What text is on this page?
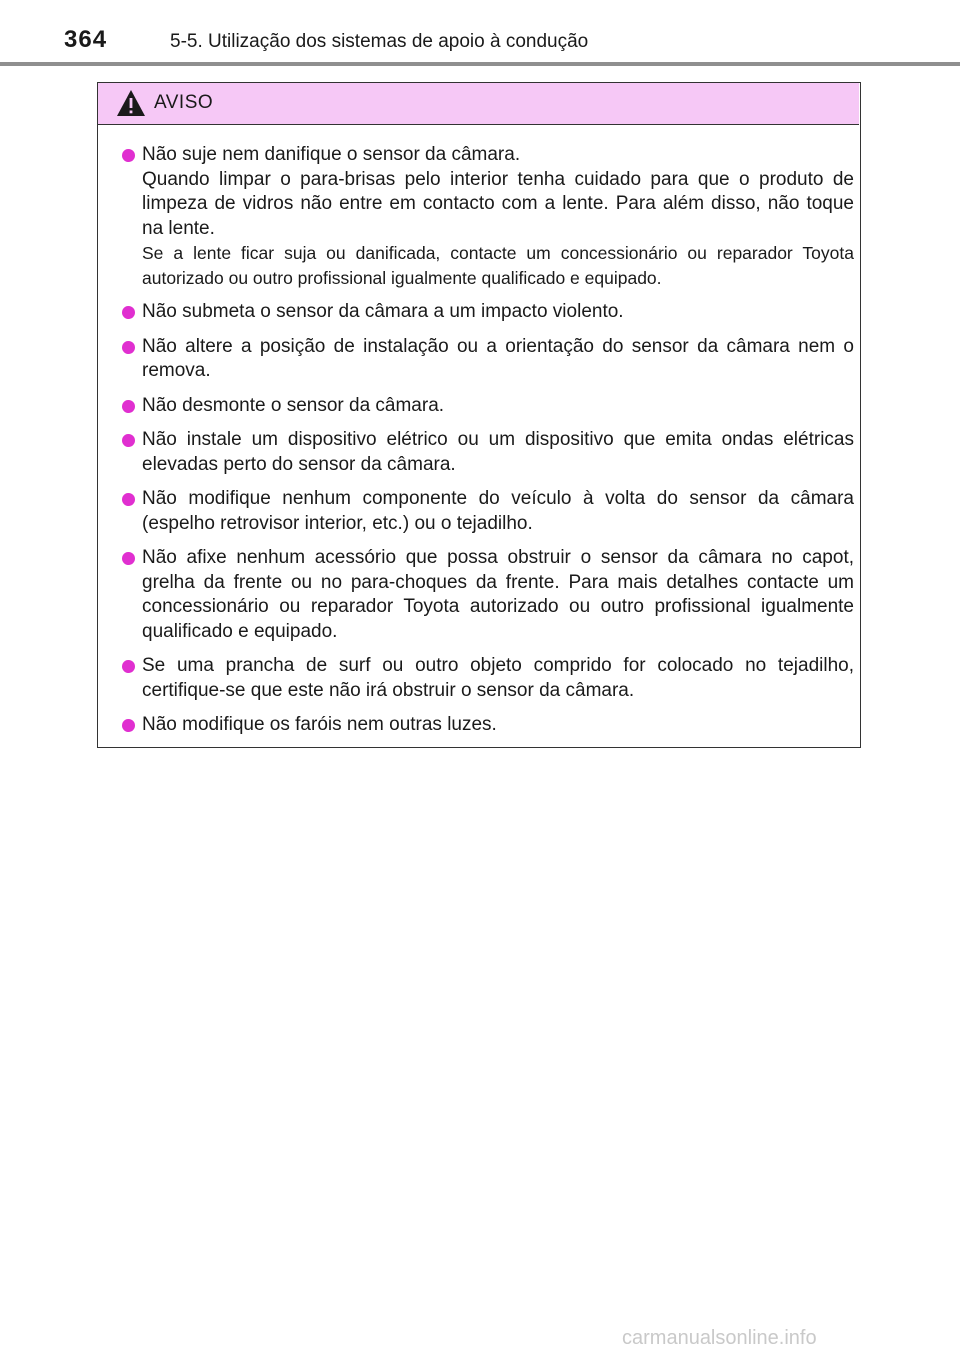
364	5-5. Utilização dos sistemas de apoio à condução
AVISO
Não suje nem danifique o sensor da câmara.
Quando limpar o para-brisas pelo interior tenha cuidado para que o produto de limpeza de vidros não entre em contacto com a lente. Para além disso, não toque na lente.
Se a lente ficar suja ou danificada, contacte um concessionário ou reparador Toyota autorizado ou outro profissional igualmente qualificado e equipado.
Não submeta o sensor da câmara a um impacto violento.
Não altere a posição de instalação ou a orientação do sensor da câmara nem o remova.
Não desmonte o sensor da câmara.
Não instale um dispositivo elétrico ou um dispositivo que emita ondas elétricas elevadas perto do sensor da câmara.
Não modifique nenhum componente do veículo à volta do sensor da câmara (espelho retrovisor interior, etc.) ou o tejadilho.
Não afixe nenhum acessório que possa obstruir o sensor da câmara no capot, grelha da frente ou no para-choques da frente. Para mais detalhes contacte um concessionário ou reparador Toyota autorizado ou outro profissional igualmente qualificado e equipado.
Se uma prancha de surf ou outro objeto comprido for colocado no tejadilho, certifique-se que este não irá obstruir o sensor da câmara.
Não modifique os faróis nem outras luzes.
carmanualsonline.info
